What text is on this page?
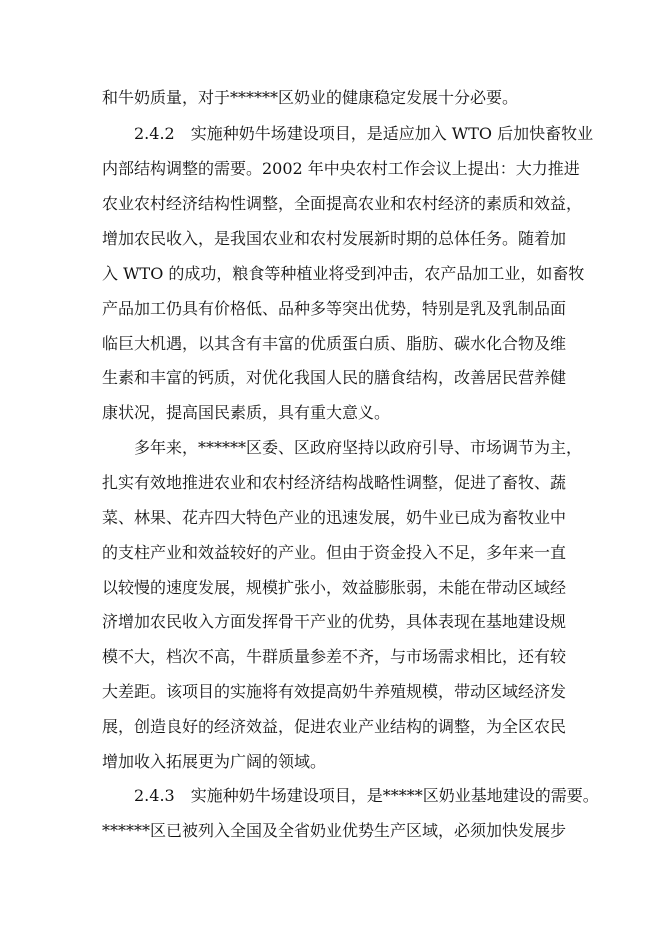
和牛奶质量，对于******区奶业的健康稳定发展十分必要。
2.4.2　实施种奶牛场建设项目，是适应加入 WTO 后加快畜牧业
内部结构调整的需要。2002 年中央农村工作会议上提出：大力推进
农业农村经济结构性调整，全面提高农业和农村经济的素质和效益，
增加农民收入，是我国农业和农村发展新时期的总体任务。随着加
入 WTO 的成功，粮食等种植业将受到冲击，农产品加工业，如畜牧
产品加工仍具有价格低、品种多等突出优势，特别是乳及乳制品面
临巨大机遇，以其含有丰富的优质蛋白质、脂肪、碳水化合物及维
生素和丰富的钙质，对优化我国人民的膳食结构，改善居民营养健
康状况，提高国民素质，具有重大意义。
多年来，******区委、区政府坚持以政府引导、市场调节为主，
扎实有效地推进农业和农村经济结构战略性调整，促进了畜牧、蔬
菜、林果、花卉四大特色产业的迅速发展，奶牛业已成为畜牧业中
的支柱产业和效益较好的产业。但由于资金投入不足，多年来一直
以较慢的速度发展，规模扩张小，效益膨胀弱，未能在带动区域经
济增加农民收入方面发挥骨干产业的优势，具体表现在基地建设规
模不大，档次不高，牛群质量参差不齐，与市场需求相比，还有较
大差距。该项目的实施将有效提高奶牛养殖规模，带动区域经济发
展，创造良好的经济效益，促进农业产业结构的调整，为全区农民
增加收入拓展更为广阔的领域。
2.4.3　实施种奶牛场建设项目，是*****区奶业基地建设的需要。
******区已被列入全国及全省奶业优势生产区域，必须加快发展步
